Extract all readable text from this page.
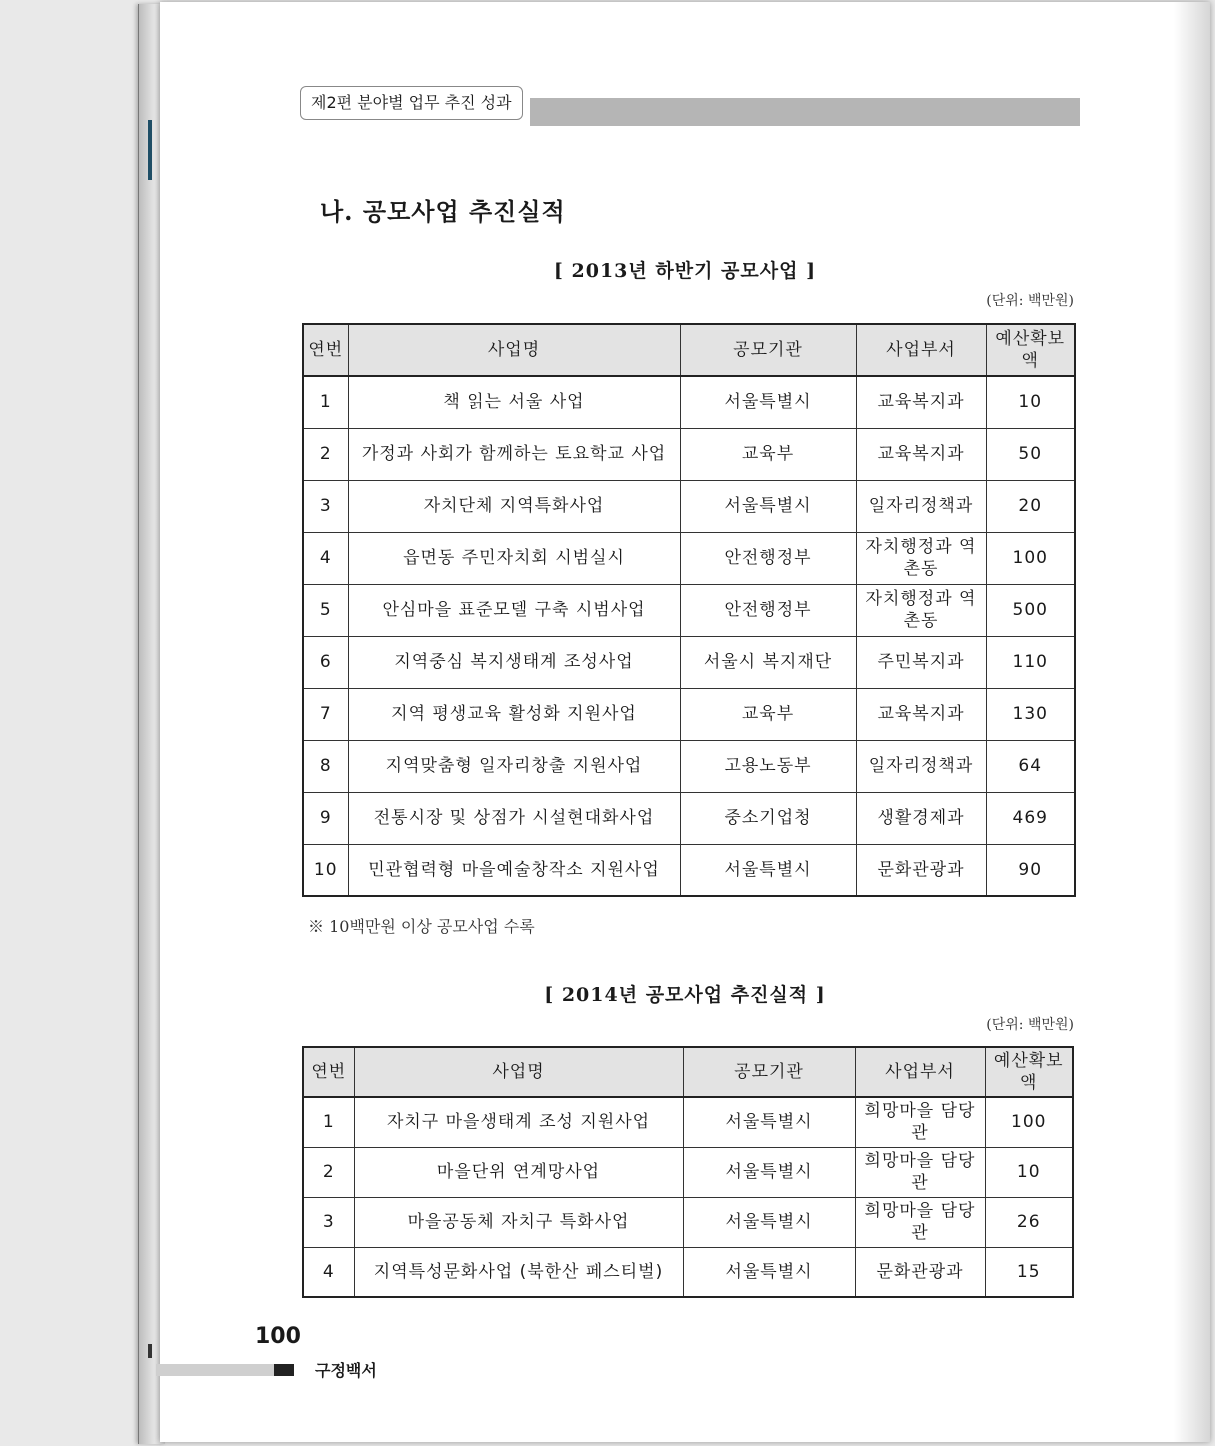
제2편 분야별 업무 추진 성과
나. 공모사업 추진실적
[ 2013년 하반기 공모사업 ]
(단위: 백만원)
연번	사업명	공모기관	사업부서	예산확보액
1	책 읽는 서울 사업	서울특별시	교육복지과	10
2	가정과 사회가 함께하는 토요학교 사업	교육부	교육복지과	50
3	자치단체 지역특화사업	서울특별시	일자리정책과	20
4	읍면동 주민자치회 시범실시	안전행정부	자치행정과 역촌동	100
5	안심마을 표준모델 구축 시범사업	안전행정부	자치행정과 역촌동	500
6	지역중심 복지생태계 조성사업	서울시 복지재단	주민복지과	110
7	지역 평생교육 활성화 지원사업	교육부	교육복지과	130
8	지역맞춤형 일자리창출 지원사업	고용노동부	일자리정책과	64
9	전통시장 및 상점가 시설현대화사업	중소기업청	생활경제과	469
10	민관협력형 마을예술창작소 지원사업	서울특별시	문화관광과	90
※ 10백만원 이상 공모사업 수록
[ 2014년 공모사업 추진실적 ]
(단위: 백만원)
연번	사업명	공모기관	사업부서	예산확보액
1	자치구 마을생태계 조성 지원사업	서울특별시	희망마을 담당관	100
2	마을단위 연계망사업	서울특별시	희망마을 담당관	10
3	마을공동체 자치구 특화사업	서울특별시	희망마을 담당관	26
4	지역특성문화사업 (북한산 페스티벌)	서울특별시	문화관광과	15
100
구정백서
